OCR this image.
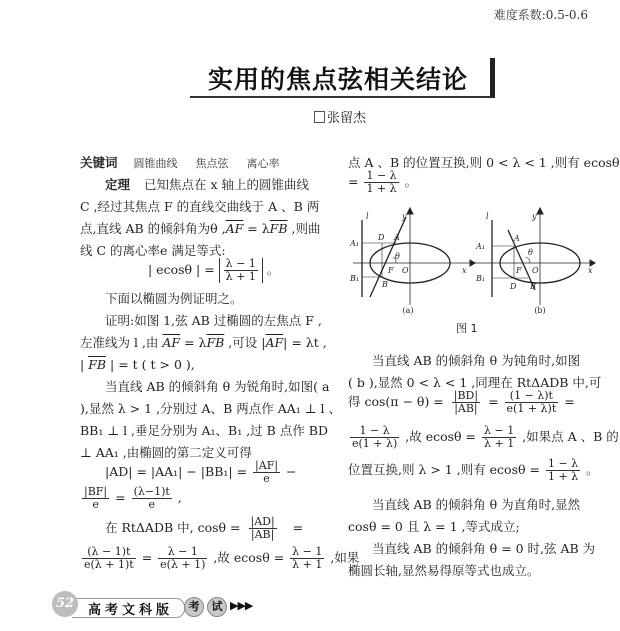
难度系数:0.5-0.6
实用的焦点弦相关结论
张留杰
关键词 圆锥曲线 焦点弦 离心率
定理 已知焦点在 x 轴上的圆锥曲线
C ,经过其焦点 F 的直线交曲线于 A 、B 两
点,直线 AB 的倾斜角为θ $,\overline{AF} = \lambda\overline{FB}$ ,则曲
线 C 的离心率e 满足等式:
| ecosθ | = $\frac{\lambda - 1}{\lambda + 1}$ 。
下面以椭圆为例证明之。
证明:如图 1,弦 AB 过椭圆的左焦点 F ,
左准线为 l ,由 $\overline{AF} = \lambda\overline{FB}$ ,可设 $|\overline{AF}| = \lambda t$ ,
| $\overline{FB}$ | = t ( t > 0 ),
当直线 AB 的倾斜角 θ 为锐角时,如图( a
),显然 λ > 1 ,分别过 A、B 两点作 AA₁ ⊥ l 、
BB₁ ⊥ l ,垂足分别为 A₁、B₁ ,过 B 点作 BD
⊥ AA₁ ,由椭圆的第二定义可得
$|AD| = |AA_1| - |BB_1| = \frac{|AF|}{e}$ −
$\frac{|BF|}{e} = \frac{(\lambda-1)t}{e}$ ,
在 RtΔADB 中, $\cos\theta = \frac{|AD|}{|AB|}$ =
$\frac{(\lambda - 1)t}{e(\lambda + 1)t} = \frac{\lambda - 1}{e(\lambda + 1)}$ ,故 $ecos\theta = \frac{\lambda - 1}{\lambda + 1}$ ,如果
点 A 、B 的位置互换,则 0 < λ < 1 ,则有 ecosθ
= $\frac{1 - \lambda}{1 + \lambda}$ 。
l	y
x
A₁
B₁
D A
B
F O
θ
(a)
l	y
x
A₁
B₁
D
A
B
F O
θ
(b)
图 1
当直线 AB 的倾斜角 θ 为钝角时,如图
( b ),显然 0 < λ < 1 ,同理在 RtΔADB 中,可
得 $\cos(\pi - \theta) = \frac{|BD|}{|AB|} = \frac{(1 - \lambda)t}{e(1 + \lambda)t}$ =
$\frac{1 - \lambda}{e(1 + \lambda)}$ ,故 $ecos\theta = \frac{\lambda - 1}{\lambda + 1}$ ,如果点 A 、B 的
位置互换,则 λ > 1 ,则有 $ecos\theta = \frac{1 - \lambda}{1 + \lambda}$ 。
当直线 AB 的倾斜角 θ 为直角时,显然
cosθ = 0 且 λ = 1 ,等式成立;
当直线 AB 的倾斜角 θ = 0 时,弦 AB 为
椭圆长轴,显然易得原等式也成立。
52	高考文科版	考	试 ▶▶▶
